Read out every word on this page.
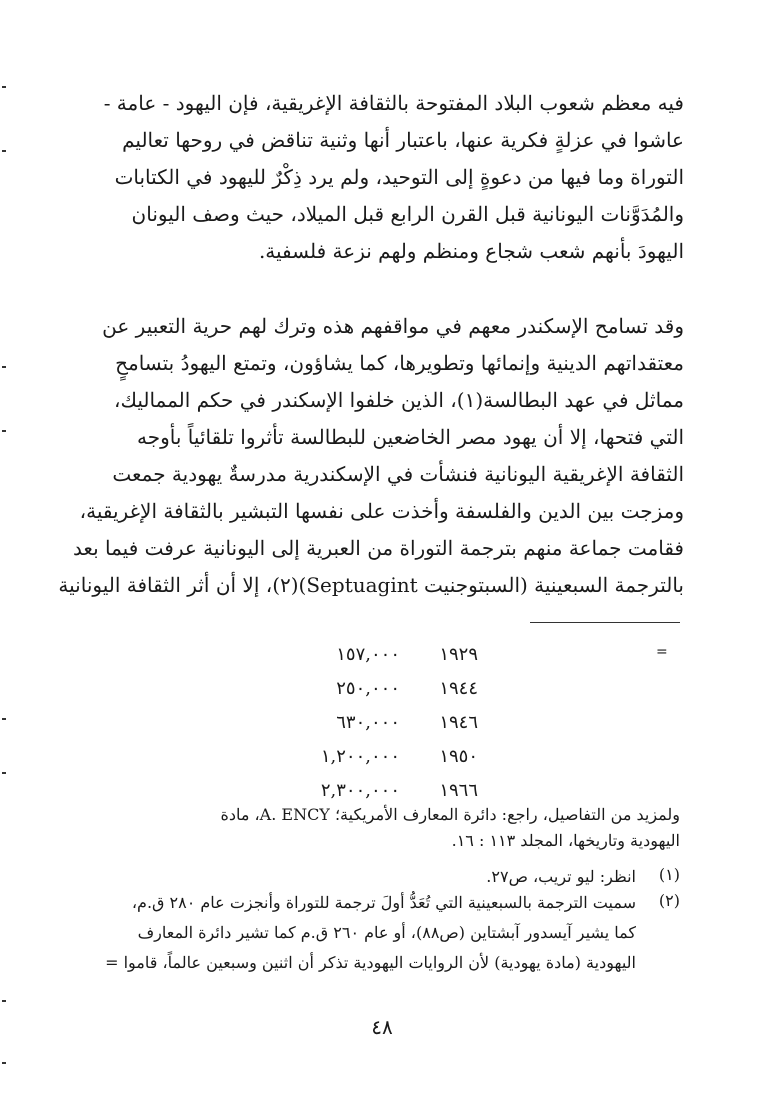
فيه معظم شعوب البلاد المفتوحة بالثقافة الإغريقية، فإن اليهود - عامة -
عاشوا في عزلةٍ فكرية عنها، باعتبار أنها وثنية تناقض في روحها تعاليم
التوراة وما فيها من دعوةٍ إلى التوحيد، ولم يرد ذِكْرٌ لليهود في الكتابات
والمُدَوَّنات اليونانية قبل القرن الرابع قبل الميلاد، حيث وصف اليونان
اليهودَ بأنهم شعب شجاع ومنظم ولهم نزعة فلسفية.
وقد تسامح الإسكندر معهم في مواقفهم هذه وترك لهم حرية التعبير عن
معتقداتهم الدينية وإنمائها وتطويرها، كما يشاؤون، وتمتع اليهودُ بتسامحٍ
مماثل في عهد البطالسة(١)، الذين خلفوا الإسكندر في حكم المماليك،
التي فتحها، إلا أن يهود مصر الخاضعين للبطالسة تأثروا تلقائياً بأوجه
الثقافة الإغريقية اليونانية فنشأت في الإسكندرية مدرسةٌ يهودية جمعت
ومزجت بين الدين والفلسفة وأخذت على نفسها التبشير بالثقافة الإغريقية،
فقامت جماعة منهم بترجمة التوراة من العبرية إلى اليونانية عرفت فيما بعد
بالترجمة السبعينية (السبتوجنيت Septuagint)(٢)، إلا أن أثر الثقافة اليونانية
=
١٩٢٩
١٥٧,٠٠٠
١٩٤٤
٢٥٠,٠٠٠
١٩٤٦
٦٣٠,٠٠٠
١٩٥٠
١,٢٠٠,٠٠٠
١٩٦٦
٢,٣٠٠,٠٠٠
ولمزيد من التفاصيل، راجع: دائرة المعارف الأمريكية؛ A. ENCY، مادة
اليهودية وتاريخها، المجلد ١١٣ : ١٦.
(١)
انظر: ليو تريب، ص٢٧.
(٢)
سميت الترجمة بالسبعينية التي تُعَدُّ أولَ ترجمة للتوراة وأنجزت عام ٢٨٠ ق.م،
كما يشير آيسدور آبشتاين (ص٨٨)، أو عام ٢٦٠ ق.م كما تشير دائرة المعارف
اليهودية (مادة يهودية) لأن الروايات اليهودية تذكر أن اثنين وسبعين عالماً، قاموا =
٤٨
